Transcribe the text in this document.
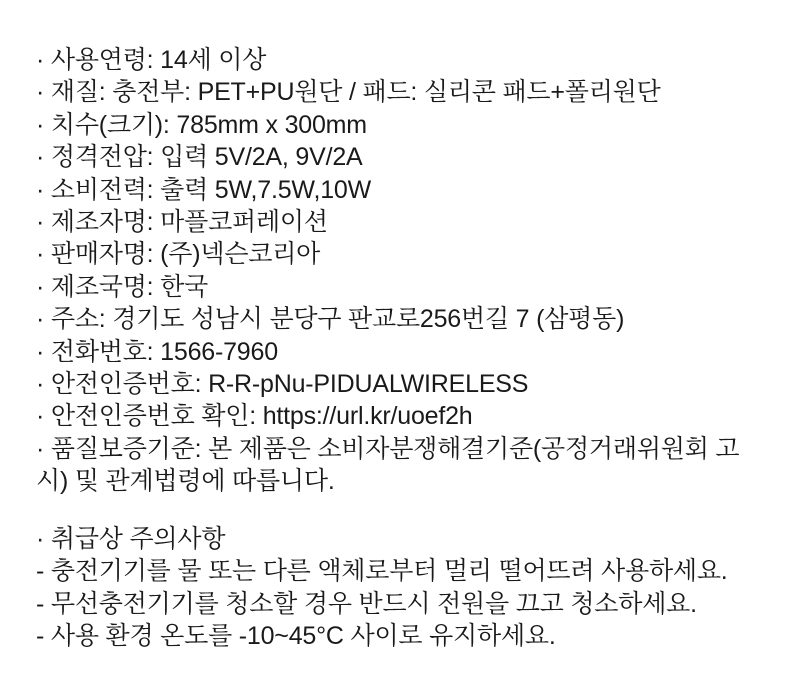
· 사용연령: 14세 이상

· 재질: 충전부: PET+PU원단 / 패드: 실리콘 패드+폴리원단

· 치수(크기): 785mm x 300mm

· 정격전압: 입력 5V/2A, 9V/2A

· 소비전력: 출력 5W,7.5W,10W

· 제조자명: 마플코퍼레이션

· 판매자명: (주)넥슨코리아

· 제조국명: 한국

· 주소: 경기도 성남시 분당구 판교로256번길 7 (삼평동)

· 전화번호: 1566-7960

· 안전인증번호: R-R-pNu-PIDUALWIRELESS

· 안전인증번호 확인: https://url.kr/uoef2h

· 품질보증기준: 본 제품은 소비자분쟁해결기준(공정거래위원회 고시) 및 관계법령에 따릅니다.

· 취급상 주의사항

- 충전기기를 물 또는 다른 액체로부터 멀리 떨어뜨려 사용하세요.

- 무선충전기기를 청소할 경우 반드시 전원을 끄고 청소하세요.

- 사용 환경 온도를 -10~45°C 사이로 유지하세요.
